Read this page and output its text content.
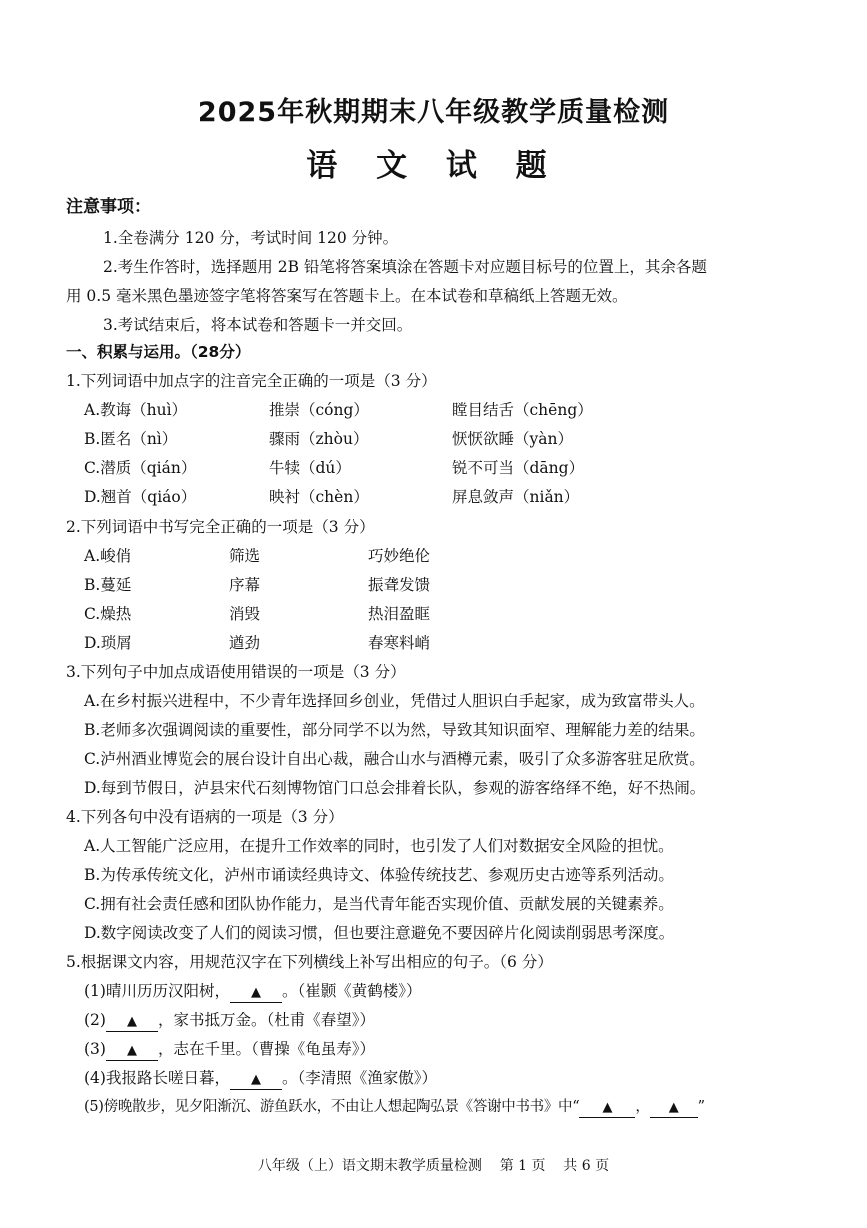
2025年秋期期末八年级教学质量检测
语 文 试 题
注意事项：
1.全卷满分 120 分，考试时间 120 分钟。
2.考生作答时，选择题用 2B 铅笔将答案填涂在答题卡对应题目标号的位置上，其余各题
用 0.5 毫米黑色墨迹签字笔将答案写在答题卡上。在本试卷和草稿纸上答题无效。
3.考试结束后，将本试卷和答题卡一并交回。
一、积累与运用。（28分）
1.下列词语中加点字的注音完全正确的一项是（3 分）
A.教诲（huì）	推崇（cóng）	瞠目结舌（chēng）
B.匿名（nì）	骤雨（zhòu）	恹恹欲睡（yàn）
C.潜质（qián）	牛犊（dú）	锐不可当（dāng）
D.翘首（qiáo）	映衬（chèn）	屏息敛声（niǎn）
2.下列词语中书写完全正确的一项是（3 分）
A.峻俏	筛选	巧妙绝伦
B.蔓延	序幕	振聋发馈
C.燥热	消毁	热泪盈眶
D.琐屑	遒劲	春寒料峭
3.下列句子中加点成语使用错误的一项是（3 分）
A.在乡村振兴进程中，不少青年选择回乡创业，凭借过人胆识白手起家，成为致富带头人。
B.老师多次强调阅读的重要性，部分同学不以为然，导致其知识面窄、理解能力差的结果。
C.泸州酒业博览会的展台设计自出心裁，融合山水与酒樽元素，吸引了众多游客驻足欣赏。
D.每到节假日，泸县宋代石刻博物馆门口总会排着长队，参观的游客络绎不绝，好不热闹。
4.下列各句中没有语病的一项是（3 分）
A.人工智能广泛应用，在提升工作效率的同时，也引发了人们对数据安全风险的担忧。
B.为传承传统文化，泸州市诵读经典诗文、体验传统技艺、参观历史古迹等系列活动。
C.拥有社会责任感和团队协作能力，是当代青年能否实现价值、贡献发展的关键素养。
D.数字阅读改变了人们的阅读习惯，但也要注意避免不要因碎片化阅读削弱思考深度。
5.根据课文内容，用规范汉字在下列横线上补写出相应的句子。（6 分）
(1)晴川历历汉阳树， ▲ 。（崔颢《黄鹤楼》）
(2) ▲ ，家书抵万金。（杜甫《春望》）
(3) ▲ ，志在千里。（曹操《龟虽寿》）
(4)我报路长嗟日暮， ▲ 。（李清照《渔家傲》）
(5)傍晚散步，见夕阳渐沉、游鱼跃水，不由让人想起陶弘景《答谢中书书》中“ ▲ ， ▲ ”
八年级（上）语文期末教学质量检测    第 1 页    共 6 页
